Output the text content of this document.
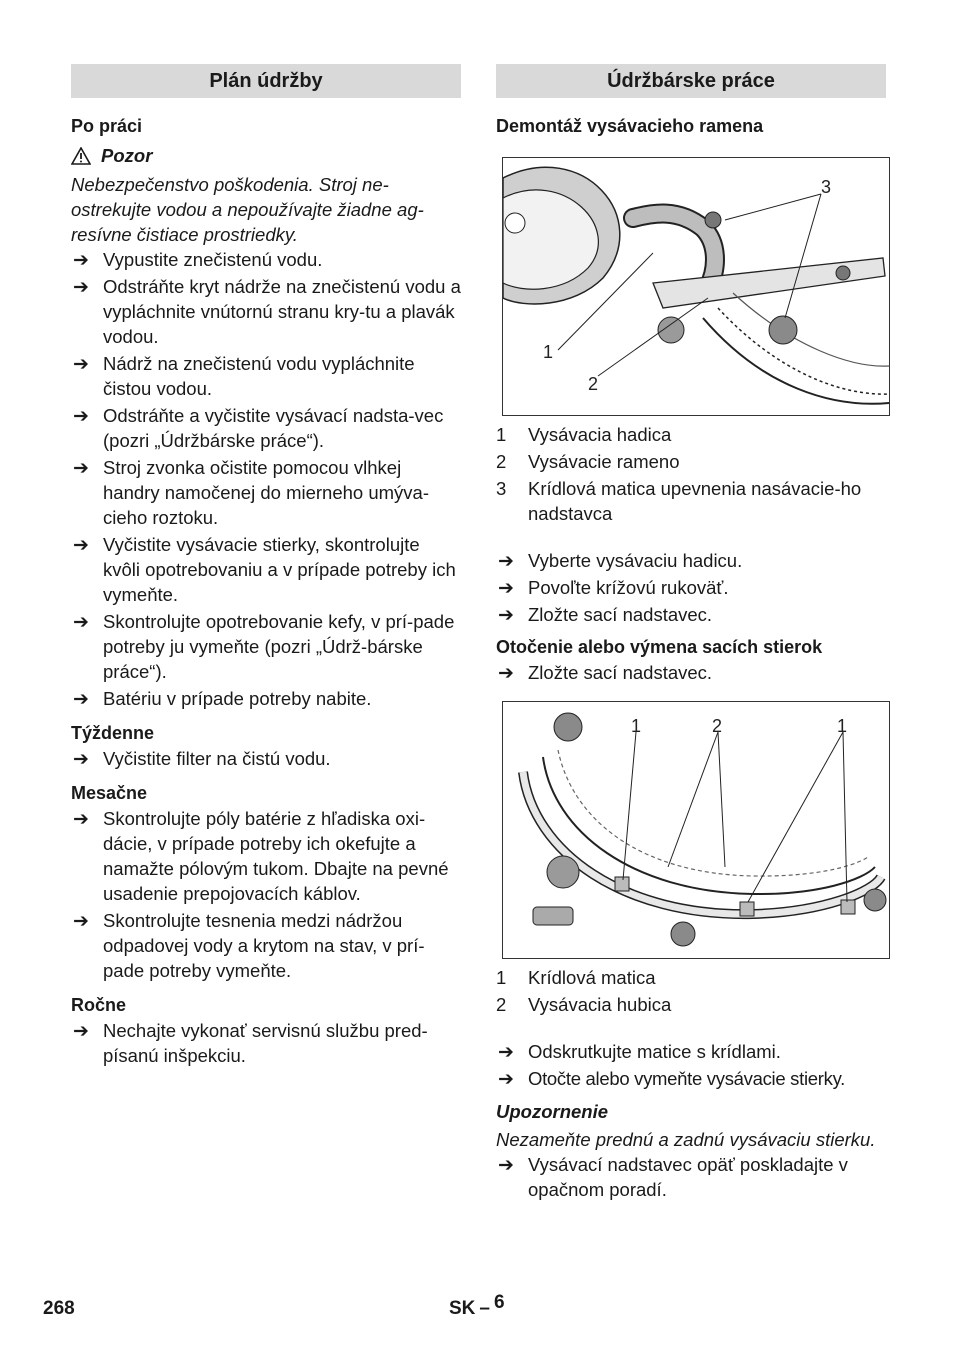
Plán údržby
Po práci
Pozor
Nebezpečenstvo poškodenia. Stroj ne-ostrekujte vodou a nepoužívajte žiadne ag-resívne čistiace prostriedky.
➔ Vypustite znečistenú vodu.
➔ Odstráňte kryt nádrže na znečistenú vodu a vypláchnite vnútornú stranu kry-tu a plavák vodou.
➔ Nádrž na znečistenú vodu vypláchnite čistou vodou.
➔ Odstráňte a vyčistite vysávací nadsta-vec (pozri „Údržbárske práce“).
➔ Stroj zvonka očistite pomocou vlhkej handry namočenej do mierneho umýva-cieho roztoku.
➔ Vyčistite vysávacie stierky, skontrolujte kvôli opotrebovaniu a v prípade potreby ich vymeňte.
➔ Skontrolujte opotrebovanie kefy, v prí-pade potreby ju vymeňte (pozri „Údrž-bárske práce“).
➔ Batériu v prípade potreby nabite.
Týždenne
➔ Vyčistite filter na čistú vodu.
Mesačne
➔ Skontrolujte póly batérie z hľadiska oxi-dácie, v prípade potreby ich okefujte a namažte pólovým tukom. Dbajte na pevné usadenie prepojovacích káblov.
➔ Skontrolujte tesnenia medzi nádržou odpadovej vody a krytom na stav, v prí-pade potreby vymeňte.
Ročne
➔ Nechajte vykonať servisnú službu pred-písanú inšpekciu.
Údržbárske práce
Demontáž vysávacieho ramena
1
2
3
1 Vysávacia hadica
2 Vysávacie rameno
3 Krídlová matica upevnenia nasávacie-ho nadstavca
➔ Vyberte vysávaciu hadicu.
➔ Povoľte krížovú rukoväť.
➔ Zložte sací nadstavec.
Otočenie alebo výmena sacích stierok
➔ Zložte sací nadstavec.
1	2	1
1 Krídlová matica
2 Vysávacia hubica
➔ Odskrutkujte matice s krídlami.
➔ Otočte alebo vymeňte vysávacie stierky.
Upozornenie
Nezameňte prednú a zadnú vysávaciu stierku.
➔ Vysávací nadstavec opäť poskladajte v opačnom poradí.
268	SK – 6
